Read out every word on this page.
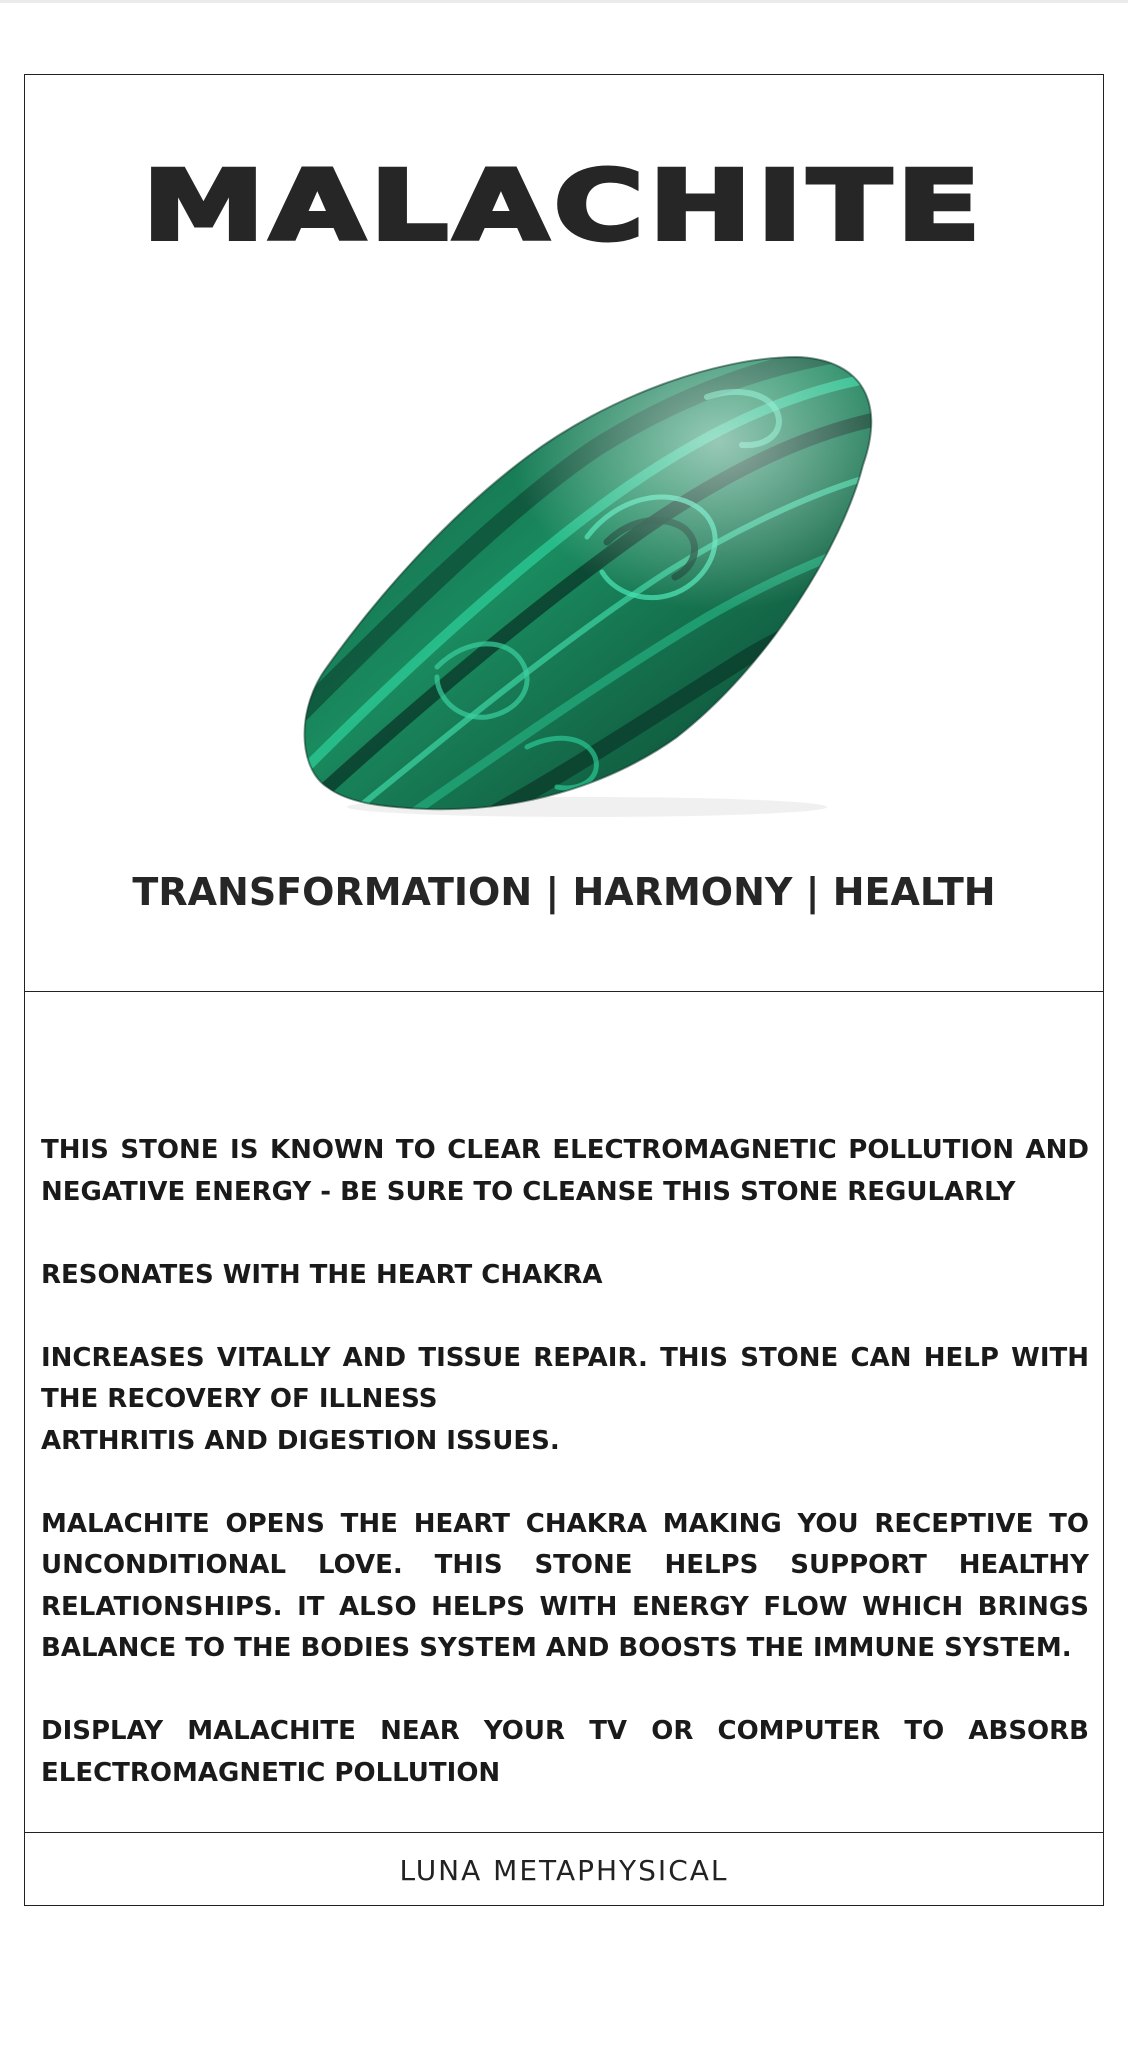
MALACHITE

TRANSFORMATION | HARMONY | HEALTH

THIS STONE IS KNOWN TO CLEAR ELECTROMAGNETIC POLLUTION AND NEGATIVE ENERGY - BE SURE TO CLEANSE THIS STONE REGULARLY

RESONATES WITH THE HEART CHAKRA

INCREASES VITALLY AND TISSUE REPAIR. THIS STONE CAN HELP WITH THE RECOVERY OF ILLNESS
ARTHRITIS AND DIGESTION ISSUES.

MALACHITE OPENS THE HEART CHAKRA MAKING YOU RECEPTIVE TO UNCONDITIONAL LOVE. THIS STONE HELPS SUPPORT HEALTHY RELATIONSHIPS. IT ALSO HELPS WITH ENERGY FLOW WHICH BRINGS BALANCE TO THE BODIES SYSTEM AND BOOSTS THE IMMUNE SYSTEM.

DISPLAY MALACHITE NEAR YOUR TV OR COMPUTER TO ABSORB ELECTROMAGNETIC POLLUTION

LUNA METAPHYSICAL
